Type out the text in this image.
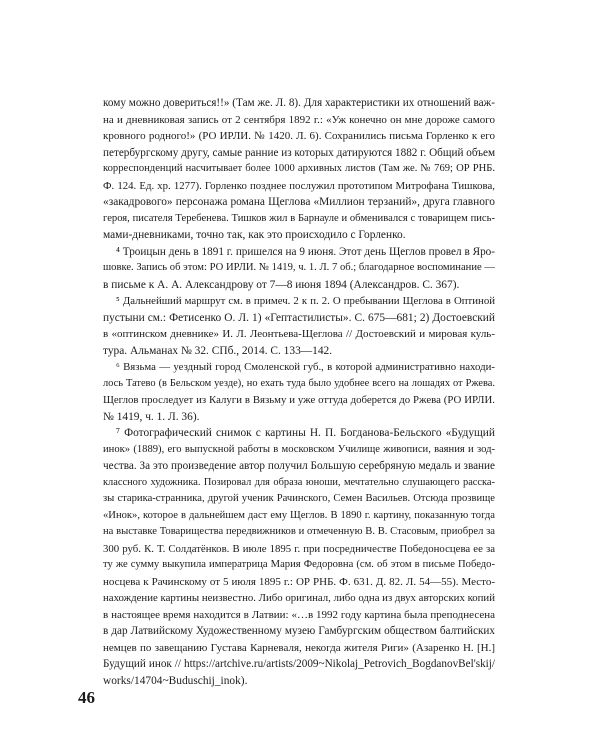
кому можно довериться!!» (Там же. Л. 8). Для характеристики их отношений важ-
на и дневниковая запись от 2 сентября 1892 г.: «Уж конечно он мне дороже самого
кровного родного!» (РО ИРЛИ. № 1420. Л. 6). Сохранились письма Горленко к его
петербургскому другу, самые ранние из которых датируются 1882 г. Общий объем
корреспонденций насчитывает более 1000 архивных листов (Там же. № 769; ОР РНБ.
Ф. 124. Ед. хр. 1277). Горленко позднее послужил прототипом Митрофана Тишкова,
«закадрового» персонажа романа Щеглова «Миллион терзаний», друга главного
героя, писателя Теребенева. Тишков жил в Барнауле и обменивался с товарищем пись-
мами-дневниками, точно так, как это происходило с Горленко.
⁴ Троицын день в 1891 г. пришелся на 9 июня. Этот день Щеглов провел в Яро-
шовке. Запись об этом: РО ИРЛИ. № 1419, ч. 1. Л. 7 об.; благодарное воспоминание —
в письме к А. А. Александрову от 7—8 июня 1894 (Александров. С. 367).
⁵ Дальнейший маршрут см. в примеч. 2 к п. 2. О пребывании Щеглова в Оптиной
пустыни см.: Фетисенко О. Л. 1) «Гептастилисты». С. 675—681; 2) Достоевский
в «оптинском дневнике» И. Л. Леонтьева-Щеглова // Достоевский и мировая куль-
тура. Альманах № 32. СПб., 2014. С. 133—142.
⁶ Вязьма — уездный город Смоленской губ., в которой административно находи-
лось Татево (в Бельском уезде), но ехать туда было удобнее всего на лошадях от Ржева.
Щеглов проследует из Калуги в Вязьму и уже оттуда доберется до Ржева (РО ИРЛИ.
№ 1419, ч. 1. Л. 36).
⁷ Фотографический снимок с картины Н. П. Богданова-Бельского «Будущий
инок» (1889), его выпускной работы в московском Училище живописи, ваяния и зод-
чества. За это произведение автор получил Большую серебряную медаль и звание
классного художника. Позировал для образа юноши, мечтательно слушающего расска-
зы старика-странника, другой ученик Рачинского, Семен Васильев. Отсюда прозвище
«Инок», которое в дальнейшем даст ему Щеглов. В 1890 г. картину, показанную тогда
на выставке Товарищества передвижников и отмеченную В. В. Стасовым, приобрел за
300 руб. К. Т. Солдатёнков. В июле 1895 г. при посредничестве Победоносцева ее за
ту же сумму выкупила императрица Мария Федоровна (см. об этом в письме Победо-
носцева к Рачинскому от 5 июля 1895 г.: ОР РНБ. Ф. 631. Д. 82. Л. 54—55). Место-
нахождение картины неизвестно. Либо оригинал, либо одна из двух авторских копий
в настоящее время находится в Латвии: «…в 1992 году картина была преподнесена
в дар Латвийскому Художественному музею Гамбургским обществом балтийских
немцев по завещанию Густава Карневаля, некогда жителя Риги» (Азаренко Н. [Н.]
Будущий инок // https://artchive.ru/artists/2009~Nikolaj_Petrovich_BogdanovBel'skij/
works/14704~Buduschij_inok).
46
